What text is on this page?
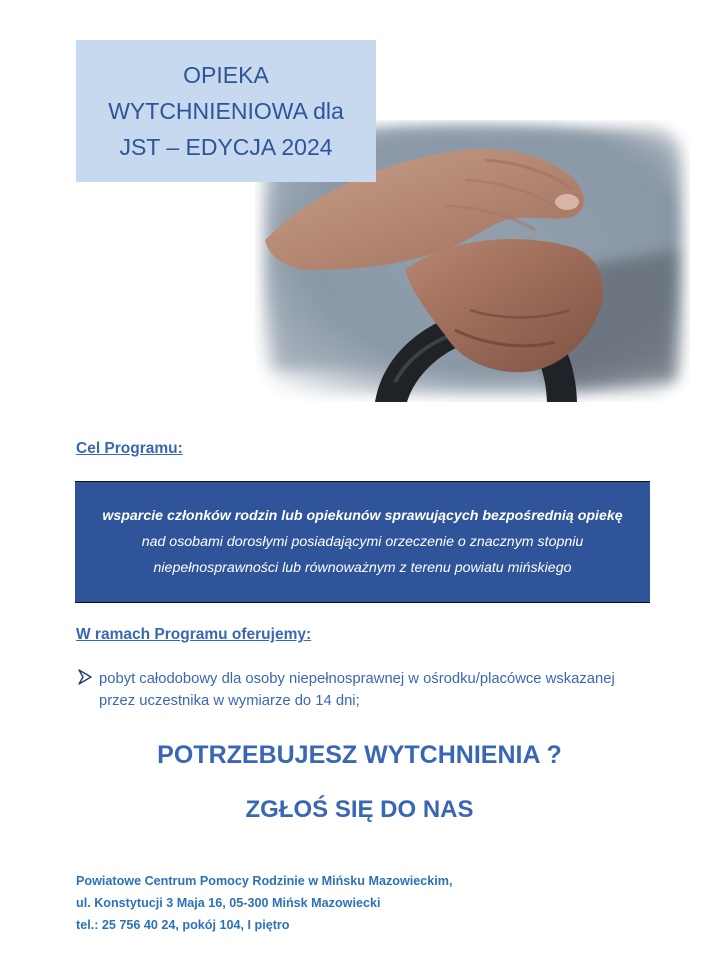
OPIEKA
WYTCHNIENIOWA dla
JST – EDYCJA 2024
Cel Programu:
wsparcie członków rodzin lub opiekunów sprawujących bezpośrednią opiekę
nad osobami dorosłymi posiadającymi orzeczenie o znacznym stopniu
niepełnosprawności lub równoważnym z terenu powiatu mińskiego
W ramach Programu oferujemy:
pobyt całodobowy dla osoby niepełnosprawnej w ośrodku/placówce wskazanej przez uczestnika w wymiarze do 14 dni;
POTRZEBUJESZ WYTCHNIENIA ?
ZGŁOŚ SIĘ DO NAS
Powiatowe Centrum Pomocy Rodzinie w Mińsku Mazowieckim,
ul. Konstytucji 3 Maja 16, 05-300 Mińsk Mazowiecki
tel.: 25 756 40 24, pokój 104, I piętro
